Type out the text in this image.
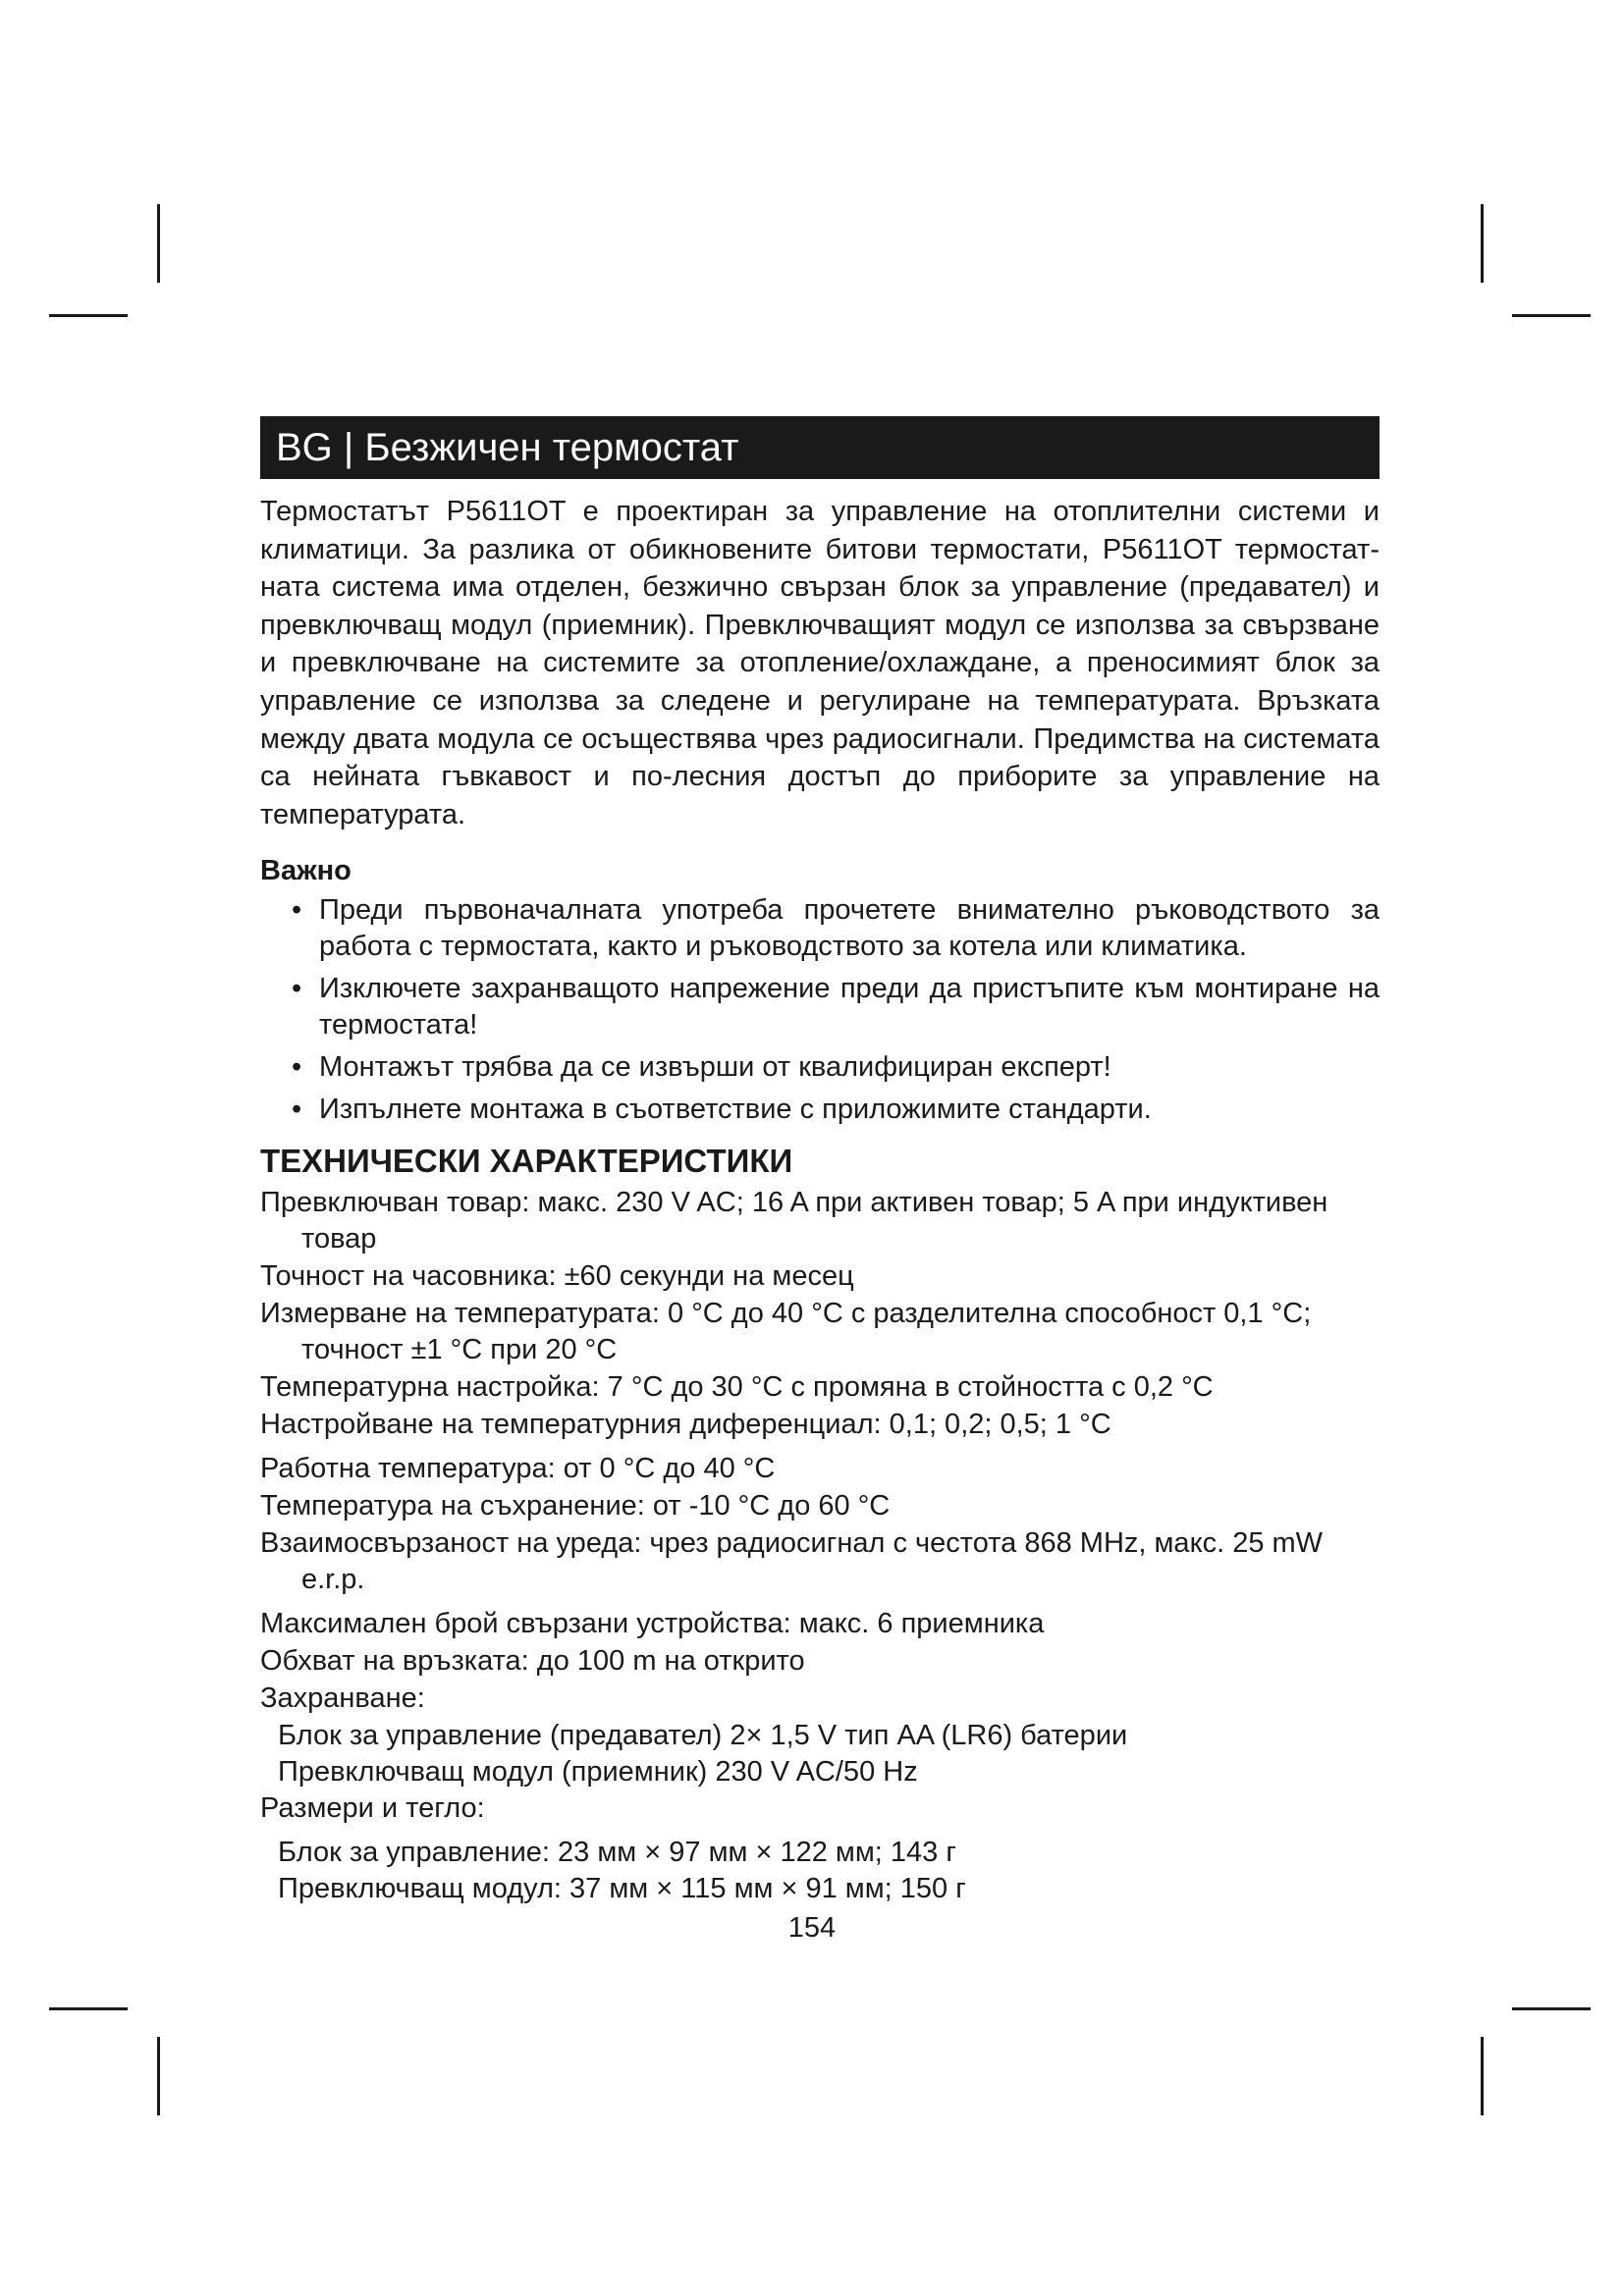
BG | Безжичен термостат

Термостатът P5611OT е проектиран за управление на отоплителни системи и климатици. За разлика от обикновените битови термостати, P5611OT термостатната система има отделен, безжично свързан блок за управление (предавател) и превключващ модул (приемник). Превключващият модул се използва за свързване и превключване на системите за отопление/охлаждане, а преносимият блок за управление се използва за следене и регулиране на температурата. Връзката между двата модула се осъществява чрез радиосигнали. Предимства на системата са нейната гъвкавост и по-лесния достъп до приборите за управление на температурата.

Важно
• Преди първоначалната употреба прочетете внимателно ръководството за работа с термостата, както и ръководството за котела или климатика.
• Изключете захранващото напрежение преди да пристъпите към монтиране на термостата!
• Монтажът трябва да се извърши от квалифициран експерт!
• Изпълнете монтажа в съответствие с приложимите стандарти.
ТЕХНИЧЕСКИ ХАРАКТЕРИСТИКИ

Превключван товар: макс. 230 V AC; 16 A при активен товар; 5 A при индуктивен товар

Точност на часовника: ±60 секунди на месец

Измерване на температурата: 0 °C до 40 °C с разделителна способност 0,1 °C; точност ±1 °C при 20 °C

Температурна настройка: 7 °C до 30 °C с промяна в стойността с 0,2 °C

Настройване на температурния диференциал: 0,1; 0,2; 0,5; 1 °C

Работна температура: от 0 °C до 40 °C

Температура на съхранение: от -10 °C до 60 °C

Взаимосвързаност на уреда: чрез радиосигнал с честота 868 MHz, макс. 25 mW e.r.p.

Максимален брой свързани устройства: макс. 6 приемника

Обхват на връзката: до 100 m на открито

Захранване:

Блок за управление (предавател) 2× 1,5 V тип AA (LR6) батерии

Превключващ модул (приемник) 230 V AC/50 Hz

Размери и тегло:

Блок за управление: 23 мм × 97 мм × 122 мм; 143 г

Превключващ модул: 37 мм × 115 мм × 91 мм; 150 г

154
